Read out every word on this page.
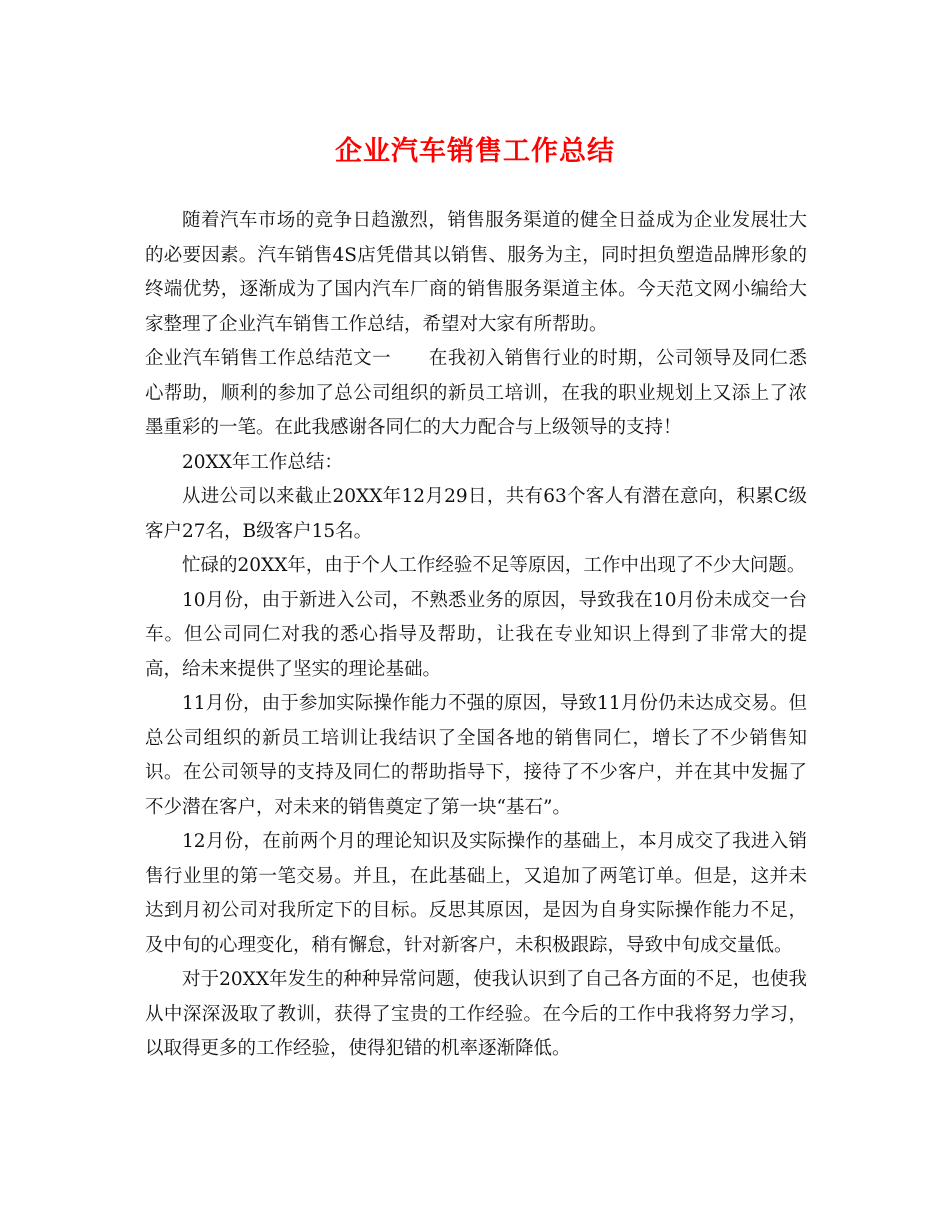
企业汽车销售工作总结

随着汽车市场的竞争日趋激烈，销售服务渠道的健全日益成为企业发展壮大的必要因素。汽车销售4S店凭借其以销售、服务为主，同时担负塑造品牌形象的终端优势，逐渐成为了国内汽车厂商的销售服务渠道主体。今天范文网小编给大家整理了企业汽车销售工作总结，希望对大家有所帮助。

企业汽车销售工作总结范文一　　在我初入销售行业的时期，公司领导及同仁悉心帮助，顺利的参加了总公司组织的新员工培训，在我的职业规划上又添上了浓墨重彩的一笔。在此我感谢各同仁的大力配合与上级领导的支持！

20XX年工作总结：

从进公司以来截止20XX年12月29日，共有63个客人有潜在意向，积累C级客户27名，B级客户15名。

忙碌的20XX年，由于个人工作经验不足等原因，工作中出现了不少大问题。

10月份，由于新进入公司，不熟悉业务的原因，导致我在10月份未成交一台车。但公司同仁对我的悉心指导及帮助，让我在专业知识上得到了非常大的提高，给未来提供了坚实的理论基础。

11月份，由于参加实际操作能力不强的原因，导致11月份仍未达成交易。但总公司组织的新员工培训让我结识了全国各地的销售同仁，增长了不少销售知识。在公司领导的支持及同仁的帮助指导下，接待了不少客户，并在其中发掘了不少潜在客户，对未来的销售奠定了第一块“基石”。

12月份，在前两个月的理论知识及实际操作的基础上，本月成交了我进入销售行业里的第一笔交易。并且，在此基础上，又追加了两笔订单。但是，这并未达到月初公司对我所定下的目标。反思其原因，是因为自身实际操作能力不足，及中旬的心理变化，稍有懈怠，针对新客户，未积极跟踪，导致中旬成交量低。

对于20XX年发生的种种异常问题，使我认识到了自己各方面的不足，也使我从中深深汲取了教训，获得了宝贵的工作经验。在今后的工作中我将努力学习，以取得更多的工作经验，使得犯错的机率逐渐降低。
